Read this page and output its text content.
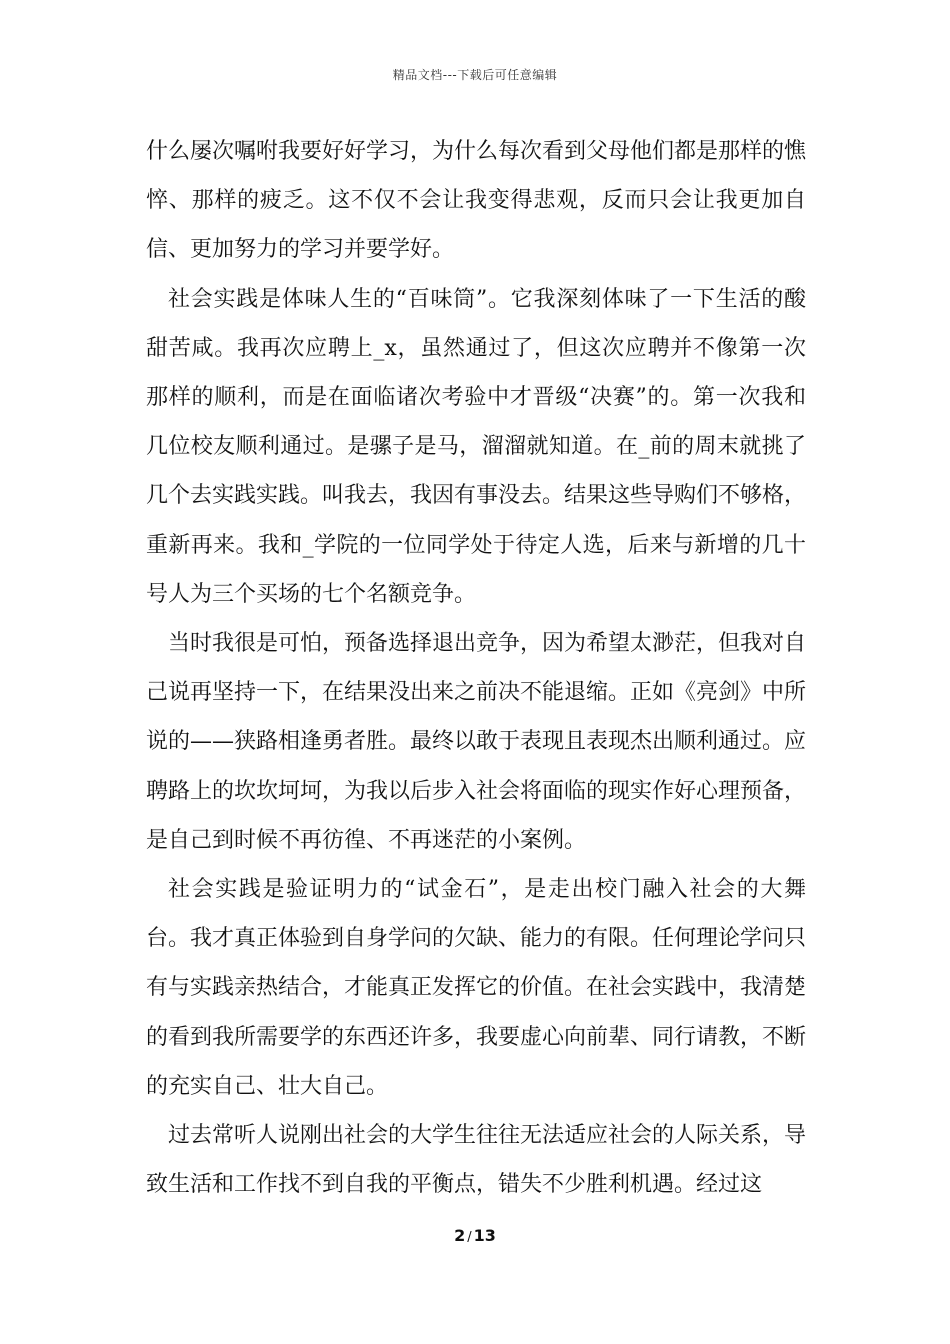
精品文档---下载后可任意编辑

什么屡次嘱咐我要好好学习，为什么每次看到父母他们都是那样的憔悴、那样的疲乏。这不仅不会让我变得悲观，反而只会让我更加自信、更加努力的学习并要学好。

社会实践是体味人生的“百味筒”。它我深刻体味了一下生活的酸甜苦咸。我再次应聘上_x，虽然通过了，但这次应聘并不像第一次那样的顺利，而是在面临诸次考验中才晋级“决赛”的。第一次我和几位校友顺利通过。是骡子是马，溜溜就知道。在_前的周末就挑了几个去实践实践。叫我去，我因有事没去。结果这些导购们不够格，重新再来。我和_学院的一位同学处于待定人选，后来与新增的几十号人为三个买场的七个名额竞争。

当时我很是可怕，预备选择退出竞争，因为希望太渺茫，但我对自己说再坚持一下，在结果没出来之前决不能退缩。正如《亮剑》中所说的——狭路相逢勇者胜。最终以敢于表现且表现杰出顺利通过。应聘路上的坎坎坷坷，为我以后步入社会将面临的现实作好心理预备，是自己到时候不再彷徨、不再迷茫的小案例。

社会实践是验证明力的“试金石”，是走出校门融入社会的大舞台。我才真正体验到自身学问的欠缺、能力的有限。任何理论学问只有与实践亲热结合，才能真正发挥它的价值。在社会实践中，我清楚的看到我所需要学的东西还许多，我要虚心向前辈、同行请教，不断的充实自己、壮大自己。

过去常听人说刚出社会的大学生往往无法适应社会的人际关系，导致生活和工作找不到自我的平衡点，错失不少胜利机遇。经过这

2 / 13
